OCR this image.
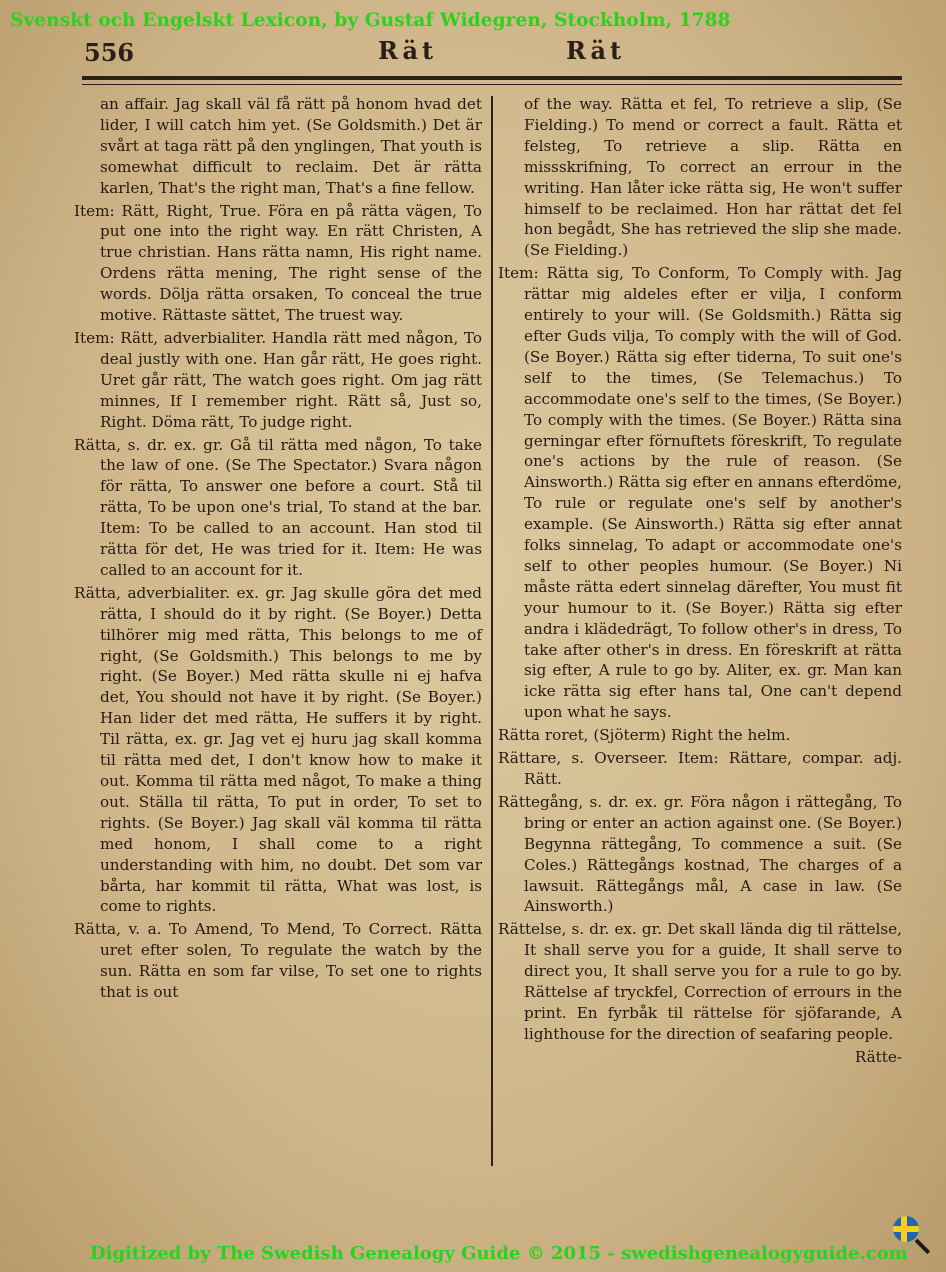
Svenskt och Engelskt Lexicon, by Gustaf Widegren, Stockholm, 1788
556	Rät	Rät

an affair. Jag skall väl få rätt på honom hvad det lider, I will catch him yet. (Se Goldsmith.) Det är svårt at taga rätt på den ynglingen, That youth is somewhat difficult to reclaim. Det är rätta karlen, That's the right man, That's a fine fellow.

Item: Rätt, Right, True. Föra en på rätta vägen, To put one into the right way. En rätt Christen, A true christian. Hans rätta namn, His right name. Ordens rätta mening, The right sense of the words. Dölja rätta orsaken, To conceal the true motive. Rättaste sättet, The truest way.

Item: Rätt, adverbialiter. Handla rätt med någon, To deal justly with one. Han går rätt, He goes right. Uret går rätt, The watch goes right. Om jag rätt minnes, If I remember right. Rätt så, Just so, Right. Döma rätt, To judge right.

Rätta, s. dr. ex. gr. Gå til rätta med någon, To take the law of one. (Se The Spectator.) Svara någon för rätta, To answer one before a court. Stå til rätta, To be upon one's trial, To stand at the bar. Item: To be called to an account. Han stod til rätta för det, He was tried for it. Item: He was called to an account for it.

Rätta, adverbialiter. ex. gr. Jag skulle göra det med rätta, I should do it by right. (Se Boyer.) Detta tilhörer mig med rätta, This belongs to me of right, (Se Goldsmith.) This belongs to me by right. (Se Boyer.) Med rätta skulle ni ej hafva det, You should not have it by right. (Se Boyer.) Han lider det med rätta, He suffers it by right. Til rätta, ex. gr. Jag vet ej huru jag skall komma til rätta med det, I don't know how to make it out. Komma til rätta med något, To make a thing out. Ställa til rätta, To put in order, To set to rights. (Se Boyer.) Jag skall väl komma til rätta med honom, I shall come to a right understanding with him, no doubt. Det som var bårta, har kommit til rätta, What was lost, is come to rights.

Rätta, v. a. To Amend, To Mend, To Correct. Rätta uret efter solen, To regulate the watch by the sun. Rätta en som far vilse, To set one to rights that is out

of the way. Rätta et fel, To retrieve a slip, (Se Fielding.) To mend or correct a fault. Rätta et felsteg, To retrieve a slip. Rätta en missskrifning, To correct an errour in the writing. Han låter icke rätta sig, He won't suffer himself to be reclaimed. Hon har rättat det fel hon begådt, She has retrieved the slip she made. (Se Fielding.)

Item: Rätta sig, To Conform, To Comply with. Jag rättar mig aldeles efter er vilja, I conform entirely to your will. (Se Goldsmith.) Rätta sig efter Guds vilja, To comply with the will of God. (Se Boyer.) Rätta sig efter tiderna, To suit one's self to the times, (Se Telemachus.) To accommodate one's self to the times, (Se Boyer.) To comply with the times. (Se Boyer.) Rätta sina gerningar efter förnuftets föreskrift, To regulate one's actions by the rule of reason. (Se Ainsworth.) Rätta sig efter en annans efterdöme, To rule or regulate one's self by another's example. (Se Ainsworth.) Rätta sig efter annat folks sinnelag, To adapt or accommodate one's self to other peoples humour. (Se Boyer.) Ni måste rätta edert sinnelag därefter, You must fit your humour to it. (Se Boyer.) Rätta sig efter andra i klädedrägt, To follow other's in dress, To take after other's in dress. En föreskrift at rätta sig efter, A rule to go by. Aliter, ex. gr. Man kan icke rätta sig efter hans tal, One can't depend upon what he says.

Rätta roret, (Sjöterm) Right the helm.

Rättare, s. Overseer. Item: Rättare, compar. adj. Rätt.

Rättegång, s. dr. ex. gr. Föra någon i rättegång, To bring or enter an action against one. (Se Boyer.) Begynna rättegång, To commence a suit. (Se Coles.) Rättegångs kostnad, The charges of a lawsuit. Rättegångs mål, A case in law. (Se Ainsworth.)

Rättelse, s. dr. ex. gr. Det skall lända dig til rättelse, It shall serve you for a guide, It shall serve to direct you, It shall serve you for a rule to go by. Rättelse af tryckfel, Correction of errours in the print. En fyrbåk til rättelse för sjöfarande, A lighthouse for the direction of seafaring people.

Rätte-

Digitized by The Swedish Genealogy Guide © 2015 - swedishgenealogyguide.com
